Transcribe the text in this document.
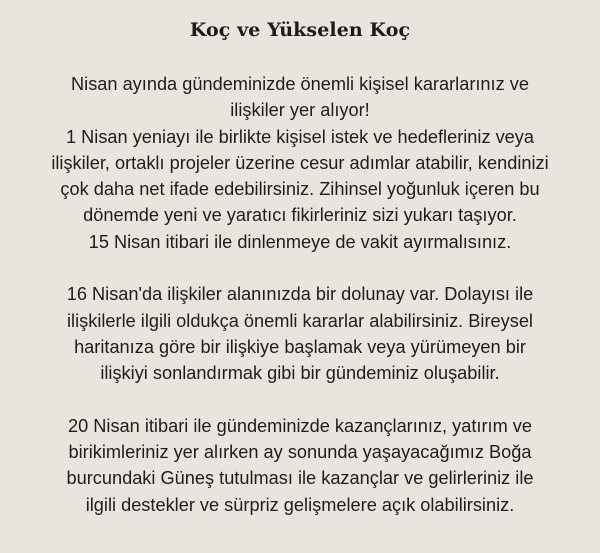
Koç ve Yükselen Koç

Nisan ayında gündeminizde önemli kişisel kararlarınız ve
ilişkiler yer alıyor!
1 Nisan yeniayı ile birlikte kişisel istek ve hedefleriniz veya
ilişkiler, ortaklı projeler üzerine cesur adımlar atabilir, kendinizi
çok daha net ifade edebilirsiniz. Zihinsel yoğunluk içeren bu
dönemde yeni ve yaratıcı fikirleriniz sizi yukarı taşıyor.
15 Nisan itibari ile dinlenmeye de vakit ayırmalısınız.

16 Nisan'da ilişkiler alanınızda bir dolunay var. Dolayısı ile
ilişkilerle ilgili oldukça önemli kararlar alabilirsiniz. Bireysel
haritanıza göre bir ilişkiye başlamak veya yürümeyen bir
ilişkiyi sonlandırmak gibi bir gündeminiz oluşabilir.

20 Nisan itibari ile gündeminizde kazançlarınız, yatırım ve
birikimleriniz yer alırken ay sonunda yaşayacağımız Boğa
burcundaki Güneş tutulması ile kazançlar ve gelirleriniz ile
ilgili destekler ve sürpriz gelişmelere açık olabilirsiniz.
